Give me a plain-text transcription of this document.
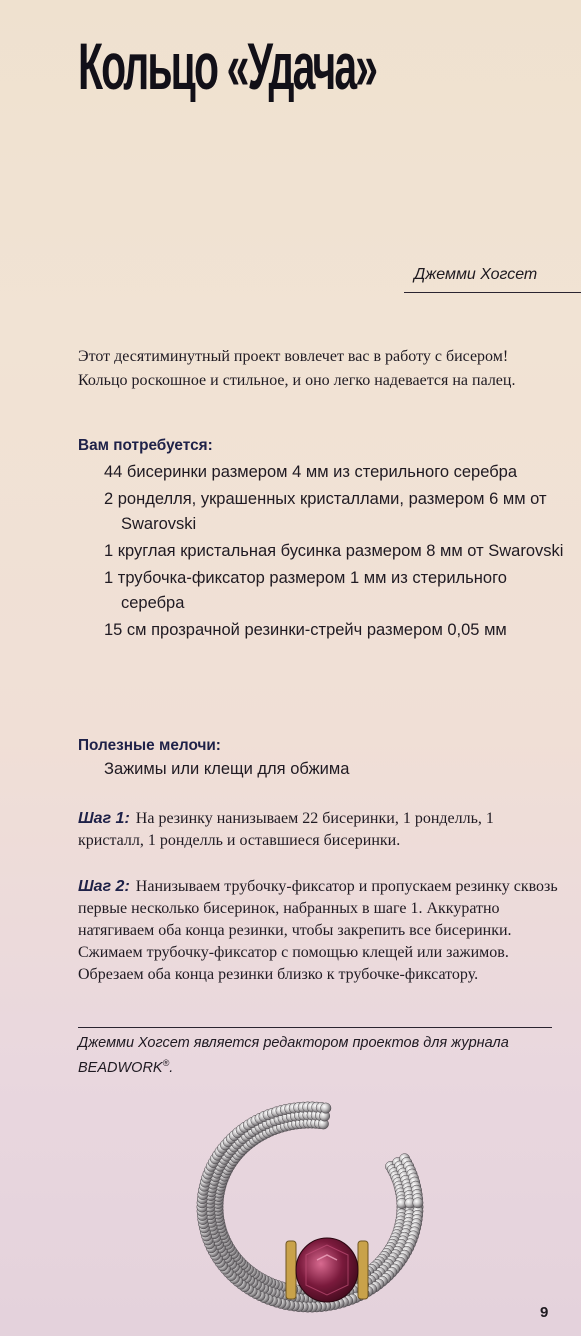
Кольцо «Удача»
Джемми Хогсет
Этот десятиминутный проект вовлечет вас в работу с бисером! Кольцо роскошное и стильное, и оно легко надевается на палец.
Вам потребуется:
44 бисеринки размером 4 мм из стерильного серебра
2 ронделля, украшенных кристаллами, размером 6 мм от Swarovski
1 круглая кристальная бусинка размером 8 мм от Swarovski
1 трубочка-фиксатор размером 1 мм из стерильного серебра
15 см прозрачной резинки-стрейч размером 0,05 мм
Полезные мелочи:
Зажимы или клещи для обжима
Шаг 1: На резинку нанизываем 22 бисеринки, 1 ронделль, 1 кристалл, 1 ронделль и оставшиеся бисеринки.
Шаг 2: Нанизываем трубочку-фиксатор и пропускаем резинку сквозь первые несколько бисеринок, набранных в шаге 1. Аккуратно натягиваем оба конца резинки, чтобы закрепить все бисеринки. Сжимаем трубочку-фиксатор с помощью клещей или зажимов. Обрезаем оба конца резинки близко к трубочке-фиксатору.
Джемми Хогсет является редактором проектов для журнала BEADWORK®.
9
